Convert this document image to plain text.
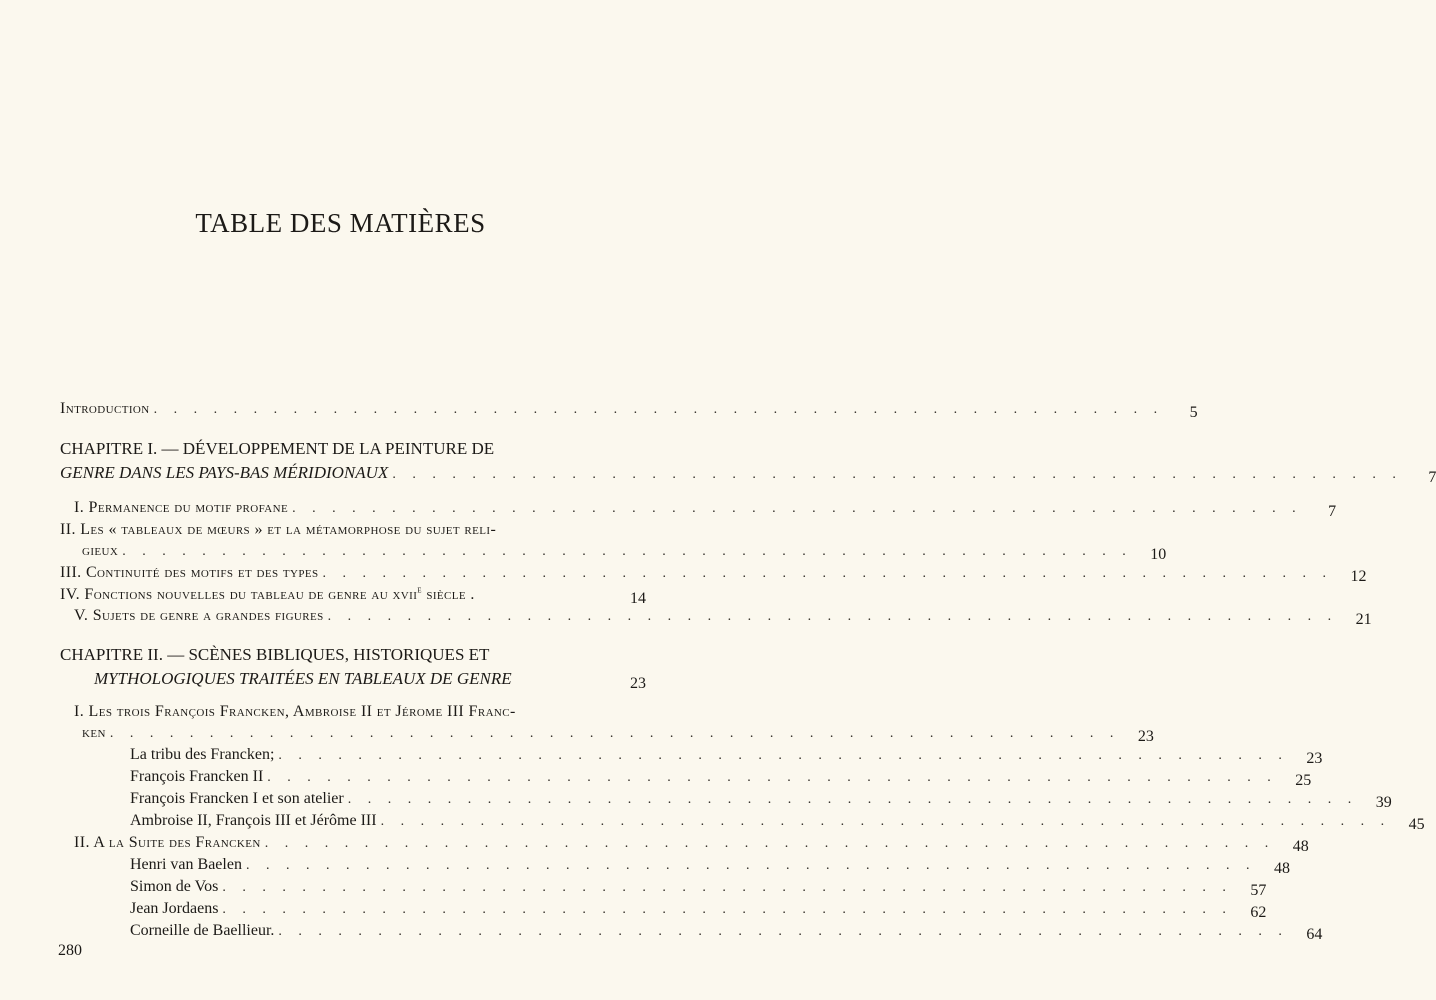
TABLE DES MATIÈRES
Introduction . . . . . . . . . . . . . . . . . . . . . . . . . . . . . . . . . . . . . . . . . . . . . . . . . . .	5
CHAPITRE I. — DÉVELOPPEMENT DE LA PEINTURE DE
GENRE DANS LES PAYS-BAS MÉRIDIONAUX . . . . . . . . . . . . . . . . . . . . . . . . . . . . . . . . . . . . . . . . . . . . . . . . . . .	7
I. Permanence du motif profane . . . . . . . . . . . . . . . . . . . . . . . . . . . . . . . . . . . . . . . . . . . . . . . . . . .	7
II. Les « tableaux de mœurs » et la métamorphose du sujet reli-
gieux . . . . . . . . . . . . . . . . . . . . . . . . . . . . . . . . . . . . . . . . . . . . . . . . . . .	10
III. Continuité des motifs et des types . . . . . . . . . . . . . . . . . . . . . . . . . . . . . . . . . . . . . . . . . . . . . . . . . . .	12
IV. Fonctions nouvelles du tableau de genre au xvii$^e$ siècle .	14
V. Sujets de genre a grandes figures . . . . . . . . . . . . . . . . . . . . . . . . . . . . . . . . . . . . . . . . . . . . . . . . . . .	21
CHAPITRE II. — SCÈNES BIBLIQUES, HISTORIQUES ET
MYTHOLOGIQUES TRAITÉES EN TABLEAUX DE GENRE	23
I. Les trois François Francken, Ambroise II et Jérome III Franc-
ken . . . . . . . . . . . . . . . . . . . . . . . . . . . . . . . . . . . . . . . . . . . . . . . . . . .	23
La tribu des Francken; . . . . . . . . . . . . . . . . . . . . . . . . . . . . . . . . . . . . . . . . . . . . . . . . . . .	23
François Francken II . . . . . . . . . . . . . . . . . . . . . . . . . . . . . . . . . . . . . . . . . . . . . . . . . . .	25
François Francken I et son atelier . . . . . . . . . . . . . . . . . . . . . . . . . . . . . . . . . . . . . . . . . . . . . . . . . . .	39
Ambroise II, François III et Jérôme III . . . . . . . . . . . . . . . . . . . . . . . . . . . . . . . . . . . . . . . . . . . . . . . . . . .	45
II. A la Suite des Francken . . . . . . . . . . . . . . . . . . . . . . . . . . . . . . . . . . . . . . . . . . . . . . . . . . .	48
Henri van Baelen . . . . . . . . . . . . . . . . . . . . . . . . . . . . . . . . . . . . . . . . . . . . . . . . . . .	48
Simon de Vos . . . . . . . . . . . . . . . . . . . . . . . . . . . . . . . . . . . . . . . . . . . . . . . . . . .	57
Jean Jordaens . . . . . . . . . . . . . . . . . . . . . . . . . . . . . . . . . . . . . . . . . . . . . . . . . . .	62
Corneille de Baellieur. . . . . . . . . . . . . . . . . . . . . . . . . . . . . . . . . . . . . . . . . . . . . . . . . . . .	64
280
